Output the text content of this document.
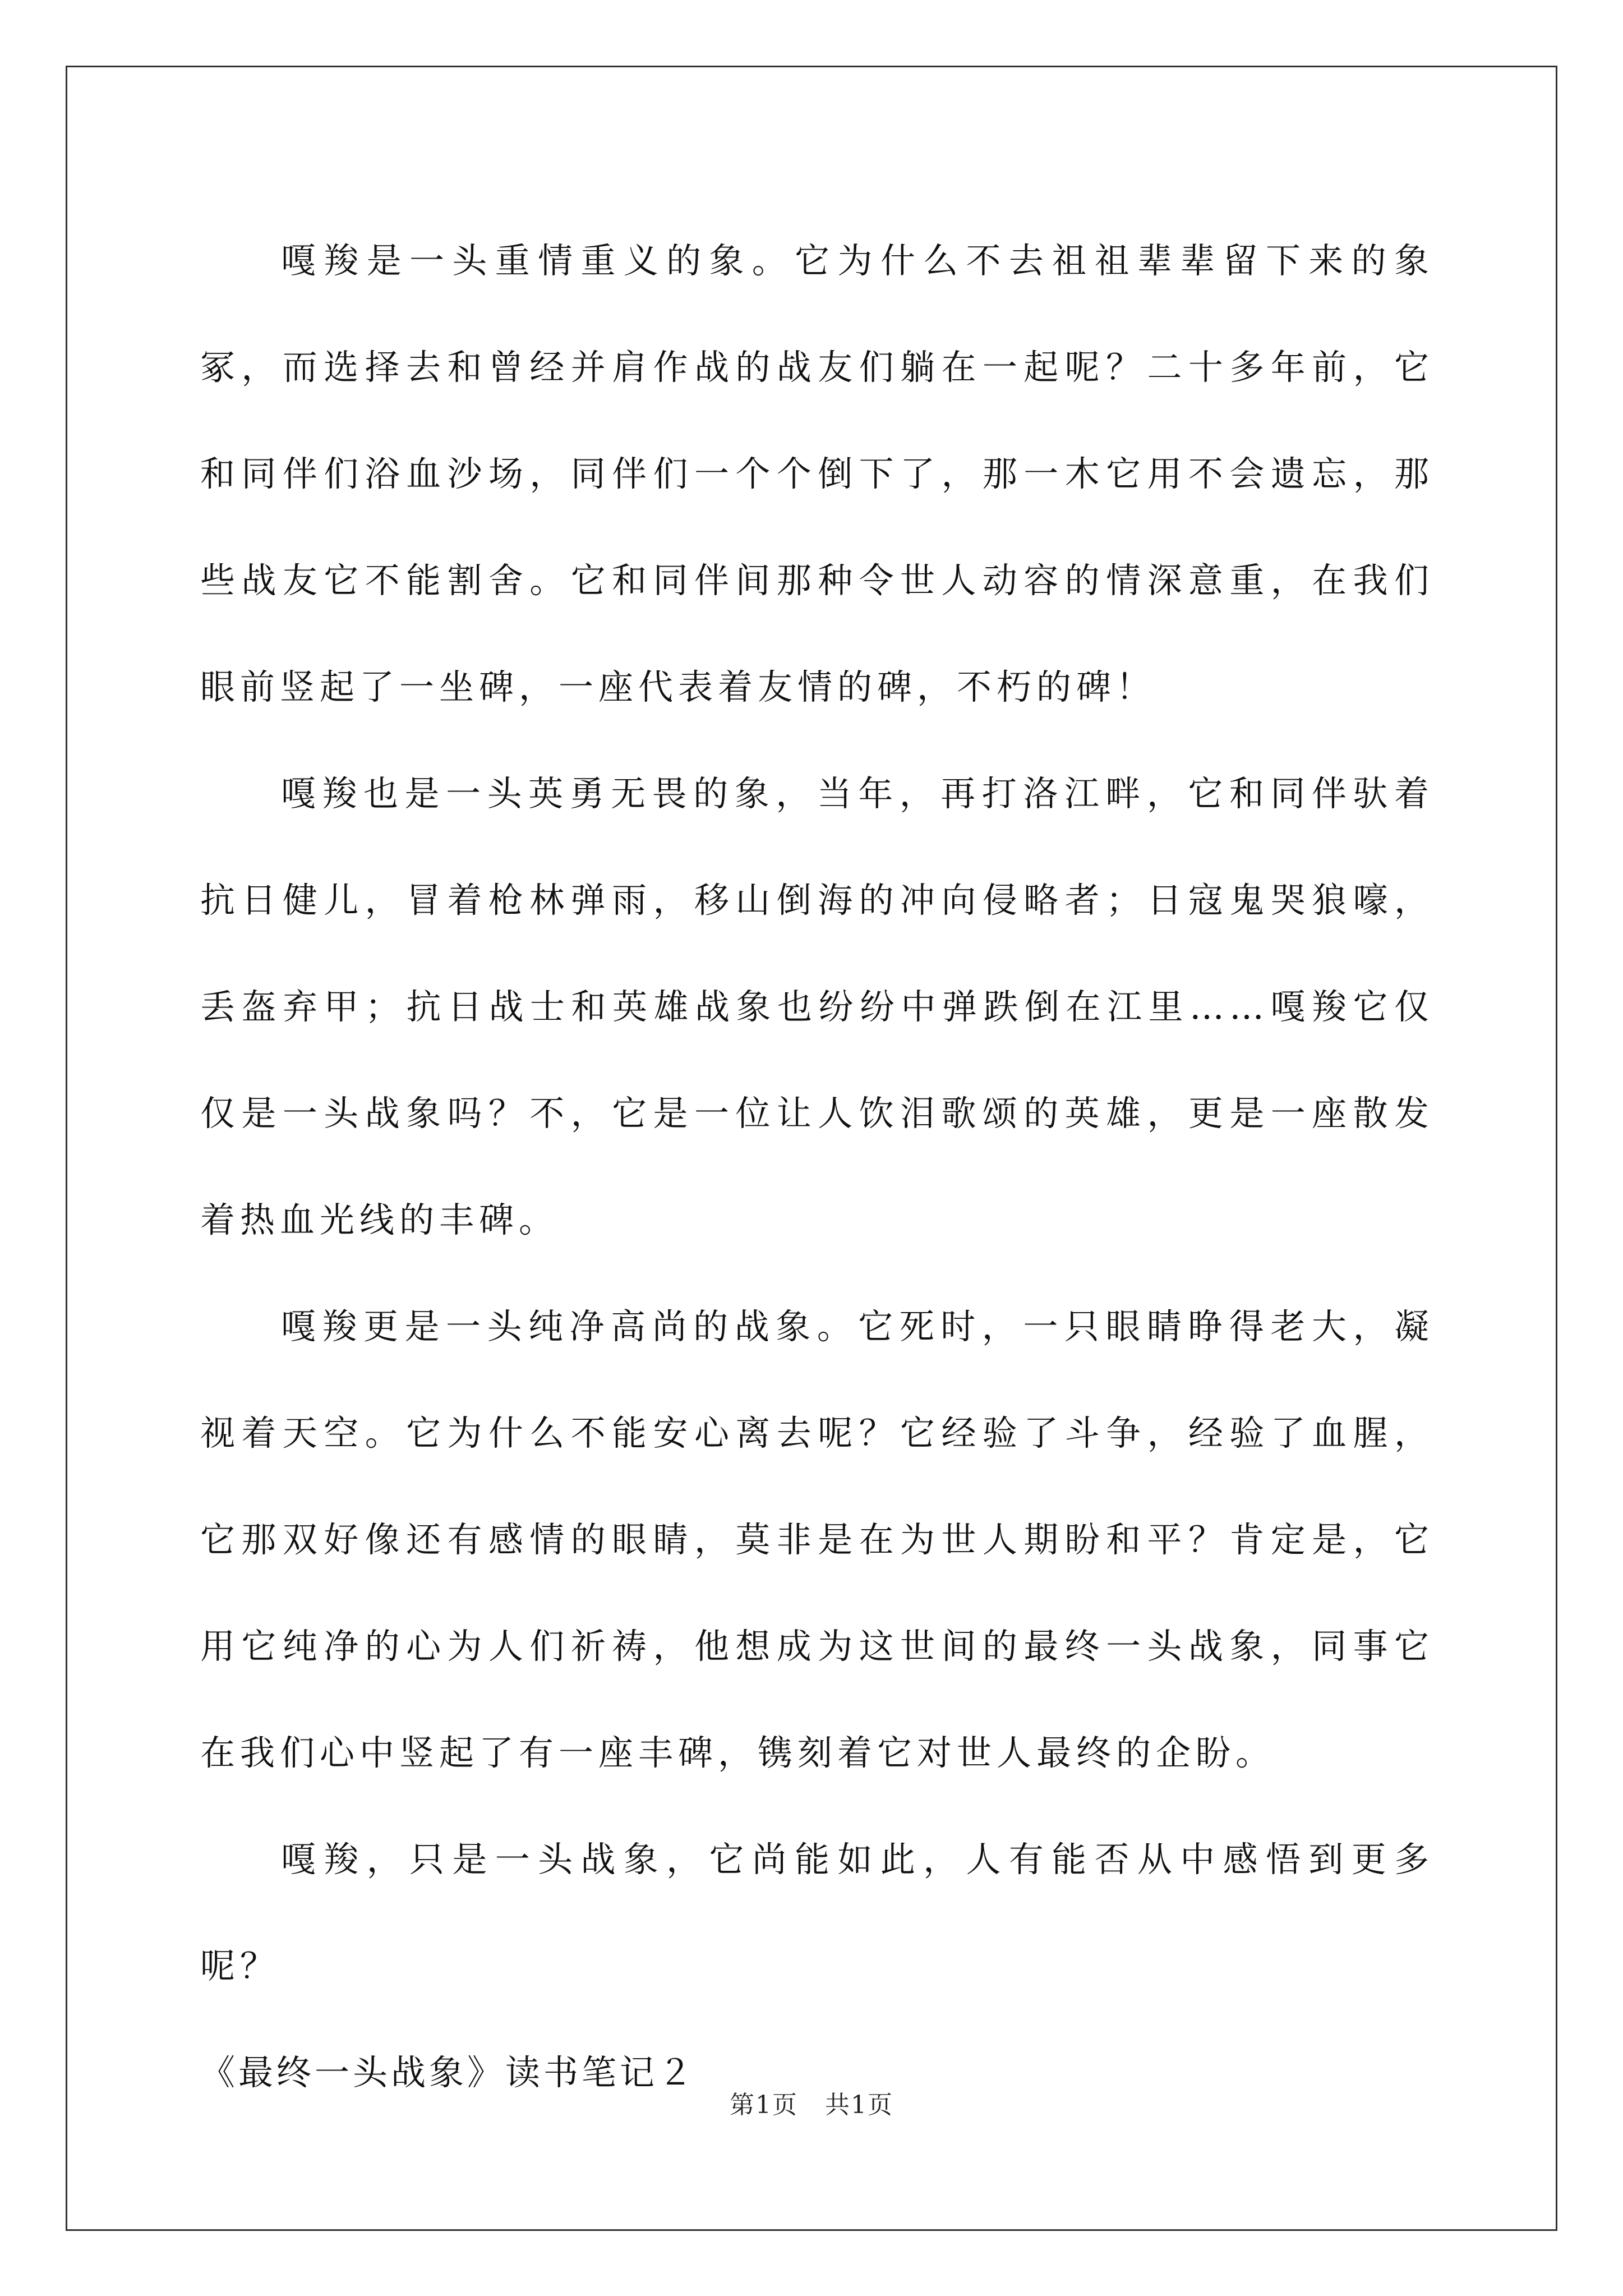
嘎羧是一头重情重义的象。它为什么不去祖祖辈辈留下来的象冢，而选择去和曾经并肩作战的战友们躺在一起呢？二十多年前，它和同伴们浴血沙场，同伴们一个个倒下了，那一木它用不会遗忘，那些战友它不能割舍。它和同伴间那种令世人动容的情深意重，在我们眼前竖起了一坐碑，一座代表着友情的碑，不朽的碑！

嘎羧也是一头英勇无畏的象，当年，再打洛江畔，它和同伴驮着抗日健儿，冒着枪林弹雨，移山倒海的冲向侵略者；日寇鬼哭狼嚎，丢盔弃甲；抗日战士和英雄战象也纷纷中弹跌倒在江里……嘎羧它仅仅是一头战象吗？不，它是一位让人饮泪歌颂的英雄，更是一座散发着热血光线的丰碑。

嘎羧更是一头纯净高尚的战象。它死时，一只眼睛睁得老大，凝视着天空。它为什么不能安心离去呢？它经验了斗争，经验了血腥，它那双好像还有感情的眼睛，莫非是在为世人期盼和平？肯定是，它用它纯净的心为人们祈祷，他想成为这世间的最终一头战象，同事它在我们心中竖起了有一座丰碑，镌刻着它对世人最终的企盼。

嘎羧，只是一头战象，它尚能如此，人有能否从中感悟到更多呢？

《最终一头战象》读书笔记２

第1页 共1页
